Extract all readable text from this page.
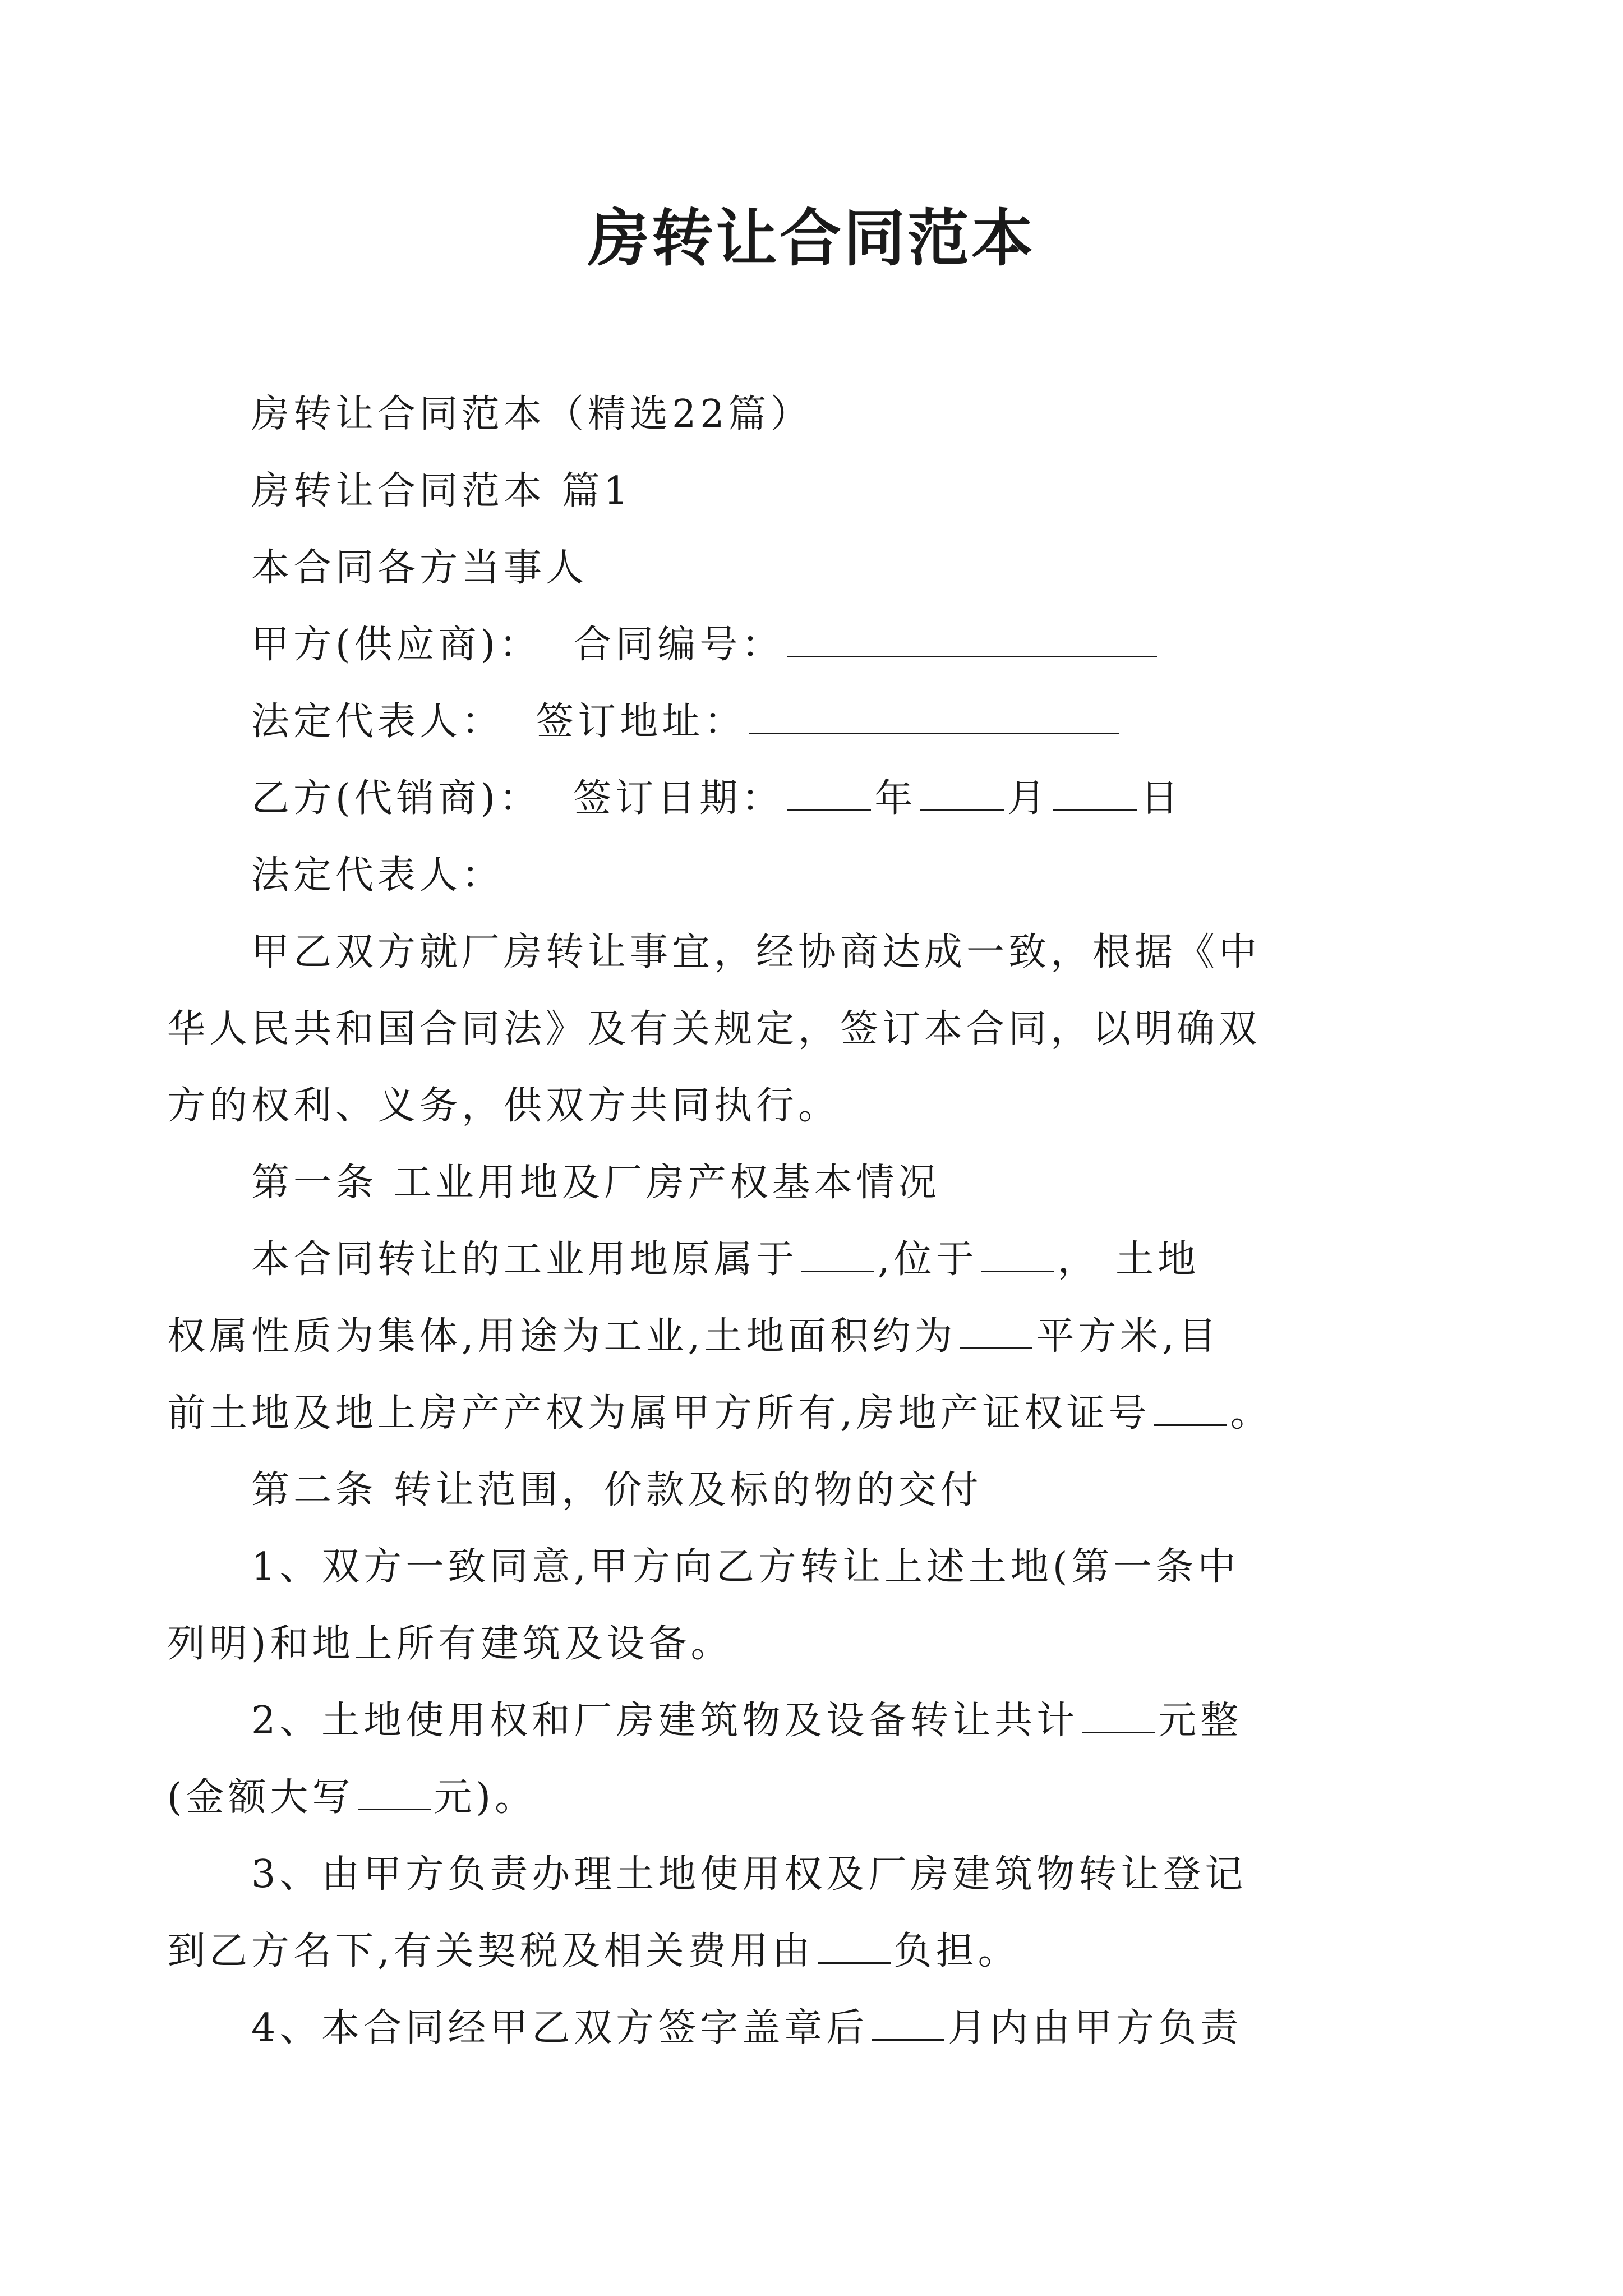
房转让合同范本
房转让合同范本（精选22篇）
房转让合同范本 篇1
本合同各方当事人
甲方(供应商)：  合同编号：
法定代表人：  签订地址：
乙方(代销商)：  签订日期： 年 月 日
法定代表人：
甲乙双方就厂房转让事宜，经协商达成一致，根据《中
华人民共和国合同法》及有关规定，签订本合同，以明确双
方的权利、义务，供双方共同执行。
第一条 工业用地及厂房产权基本情况
本合同转让的工业用地原属于 ,位于 ， 土地
权属性质为集体,用途为工业,土地面积约为 平方米,目
前土地及地上房产产权为属甲方所有,房地产证权证号 。
第二条 转让范围，价款及标的物的交付
1、双方一致同意,甲方向乙方转让上述土地(第一条中
列明)和地上所有建筑及设备。
2、土地使用权和厂房建筑物及设备转让共计 元整
(金额大写 元)。
3、由甲方负责办理土地使用权及厂房建筑物转让登记
到乙方名下,有关契税及相关费用由 负担。
4、本合同经甲乙双方签字盖章后 月内由甲方负责
